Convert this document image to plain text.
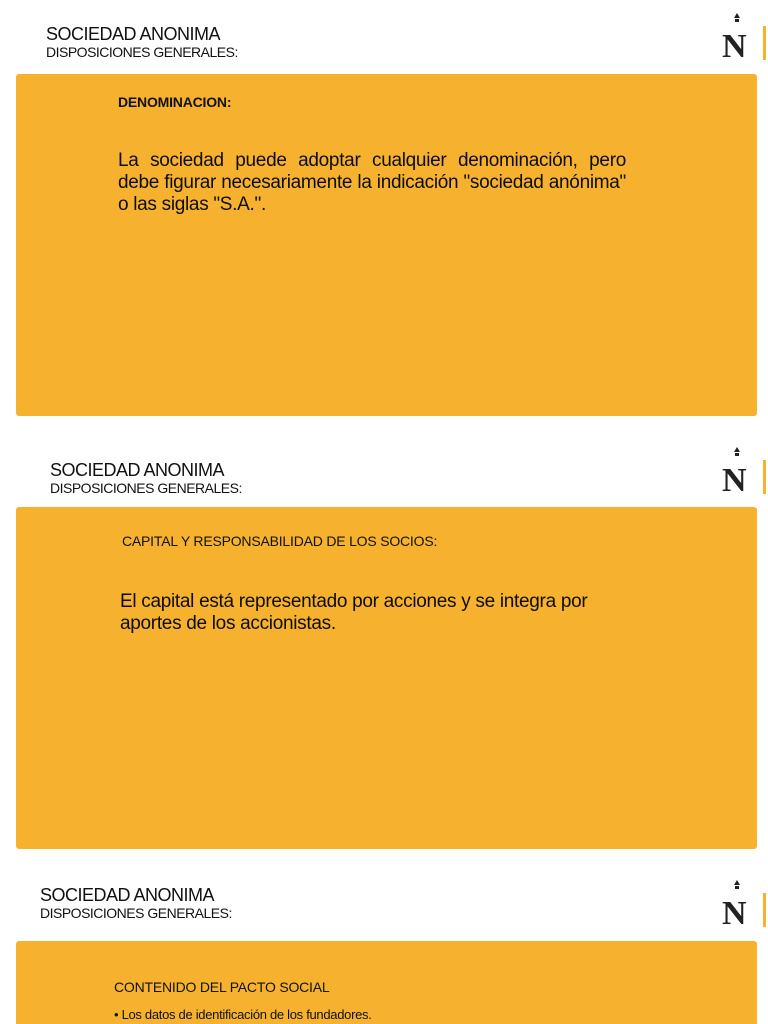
SOCIEDAD ANONIMA
DISPOSICIONES GENERALES:	N
DENOMINACION:
La sociedad puede adoptar cualquier denominación, pero debe figurar necesariamente la indicación "sociedad anónima" o las siglas "S.A.".
SOCIEDAD ANONIMA
DISPOSICIONES GENERALES:	N
CAPITAL Y RESPONSABILIDAD DE LOS SOCIOS:
El capital está representado por acciones y se integra por aportes de los accionistas.
SOCIEDAD ANONIMA
DISPOSICIONES GENERALES:	N
CONTENIDO DEL PACTO SOCIAL
• Los datos de identificación de los fundadores.
